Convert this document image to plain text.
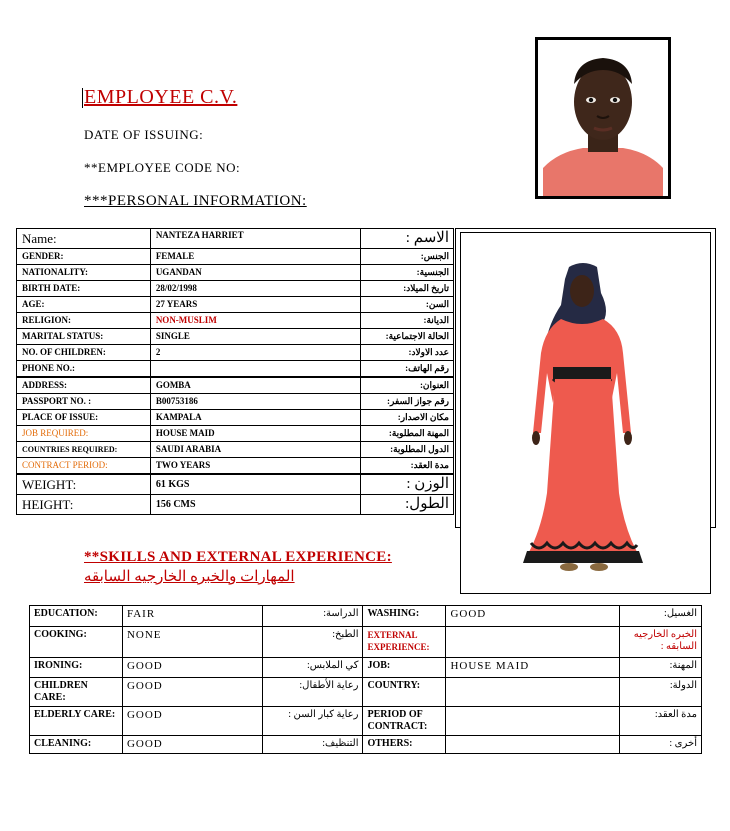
EMPLOYEE C.V.
DATE OF ISSUING:
**EMPLOYEE CODE NO:
***PERSONAL INFORMATION:
Name:	NANTEZA HARRIET	الاسم :
GENDER:	FEMALE	الجنس:
NATIONALITY:	UGANDAN	الجنسية:
BIRTH DATE:	28/02/1998	تاريخ الميلاد:
AGE:	27 YEARS	السن:
RELIGION:	NON-MUSLIM	الديانة:
MARITAL STATUS:	SINGLE	الحالة الاجتماعية:
NO. OF CHILDREN:	2	عدد الاولاد:
PHONE NO.:		رقم الهاتف:
ADDRESS:	GOMBA	العنوان:
PASSPORT NO. :	B00753186	رقم جواز السفر:
PLACE OF ISSUE:	KAMPALA	مكان الاصدار:
JOB REQUIRED:	HOUSE MAID	المهنة المطلوبة:
COUNTRIES REQUIRED:	SAUDI ARABIA	الدول المطلوبة:
CONTRACT PERIOD:	TWO YEARS	مدة العقد:
WEIGHT:	61 KGS	الوزن :
HEIGHT:	156 CMS	الطول:
**SKILLS AND EXTERNAL EXPERIENCE:
المهارات والخبره الخارجيه السابقه
EDUCATION:	FAIR	الدراسة:	WASHING:	GOOD	الغسيل:
COOKING:	NONE	الطبخ:	EXTERNAL EXPERIENCE:		الخبره الخارجيه السابقه :
IRONING:	GOOD	كي الملابس:	JOB:	HOUSE MAID	المهنة:
CHILDREN CARE:	GOOD	رعاية الأطفال:	COUNTRY:		الدولة:
ELDERLY CARE:	GOOD	رعاية كبار السن :	PERIOD OF CONTRACT:		مدة العقد:
CLEANING:	GOOD	التنظيف:	OTHERS:		أخرى :
